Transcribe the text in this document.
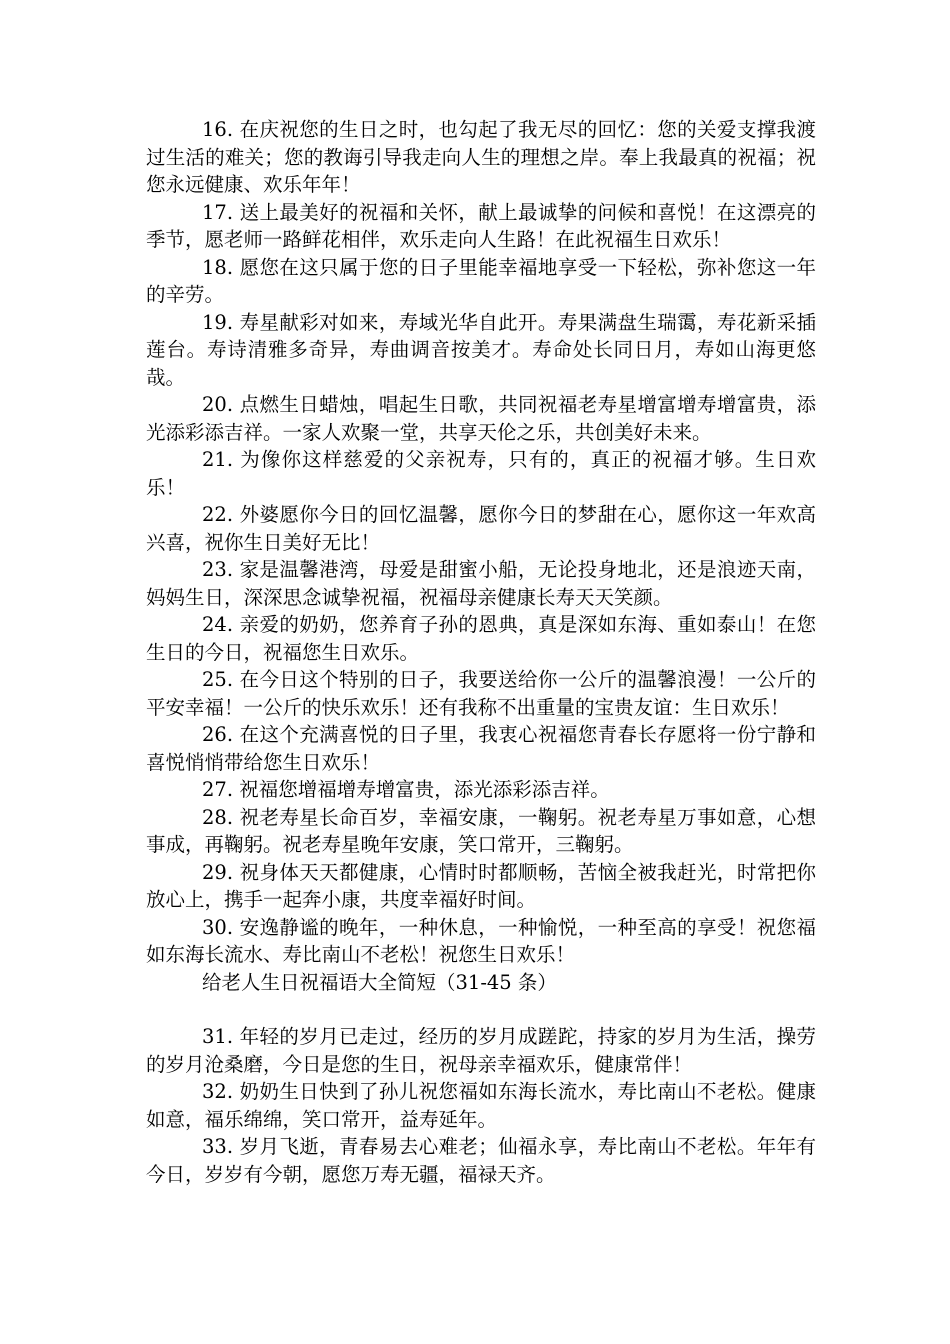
16. 在庆祝您的生日之时，也勾起了我无尽的回忆：您的关爱支撑我渡过生活的难关；您的教诲引导我走向人生的理想之岸。奉上我最真的祝福；祝您永远健康、欢乐年年！

17. 送上最美好的祝福和关怀，献上最诚挚的问候和喜悦！在这漂亮的季节，愿老师一路鲜花相伴，欢乐走向人生路！在此祝福生日欢乐！

18. 愿您在这只属于您的日子里能幸福地享受一下轻松，弥补您这一年的辛劳。

19. 寿星献彩对如来，寿域光华自此开。寿果满盘生瑞霭，寿花新采插莲台。寿诗清雅多奇异，寿曲调音按美才。寿命处长同日月，寿如山海更悠哉。

20. 点燃生日蜡烛，唱起生日歌，共同祝福老寿星增富增寿增富贵，添光添彩添吉祥。一家人欢聚一堂，共享天伦之乐，共创美好未来。

21. 为像你这样慈爱的父亲祝寿，只有的，真正的祝福才够。生日欢乐！

22. 外婆愿你今日的回忆温馨，愿你今日的梦甜在心，愿你这一年欢高兴喜，祝你生日美好无比！

23. 家是温馨港湾，母爱是甜蜜小船，无论投身地北，还是浪迹天南，妈妈生日，深深思念诚挚祝福，祝福母亲健康长寿天天笑颜。

24. 亲爱的奶奶，您养育子孙的恩典，真是深如东海、重如泰山！在您生日的今日，祝福您生日欢乐。

25. 在今日这个特别的日子，我要送给你一公斤的温馨浪漫！一公斤的平安幸福！一公斤的快乐欢乐！还有我称不出重量的宝贵友谊：生日欢乐！

26. 在这个充满喜悦的日子里，我衷心祝福您青春长存愿将一份宁静和喜悦悄悄带给您生日欢乐！

27. 祝福您增福增寿增富贵，添光添彩添吉祥。

28. 祝老寿星长命百岁，幸福安康，一鞠躬。祝老寿星万事如意，心想事成，再鞠躬。祝老寿星晚年安康，笑口常开，三鞠躬。

29. 祝身体天天都健康，心情时时都顺畅，苦恼全被我赶光，时常把你放心上，携手一起奔小康，共度幸福好时间。

30. 安逸静谧的晚年，一种休息，一种愉悦，一种至高的享受！祝您福如东海长流水、寿比南山不老松！祝您生日欢乐！

给老人生日祝福语大全简短（31-45 条）

31. 年轻的岁月已走过，经历的岁月成蹉跎，持家的岁月为生活，操劳的岁月沧桑磨，今日是您的生日，祝母亲幸福欢乐，健康常伴！

32. 奶奶生日快到了孙儿祝您福如东海长流水，寿比南山不老松。健康如意，福乐绵绵，笑口常开，益寿延年。

33. 岁月飞逝，青春易去心难老；仙福永享，寿比南山不老松。年年有今日，岁岁有今朝，愿您万寿无疆，福禄天齐。
